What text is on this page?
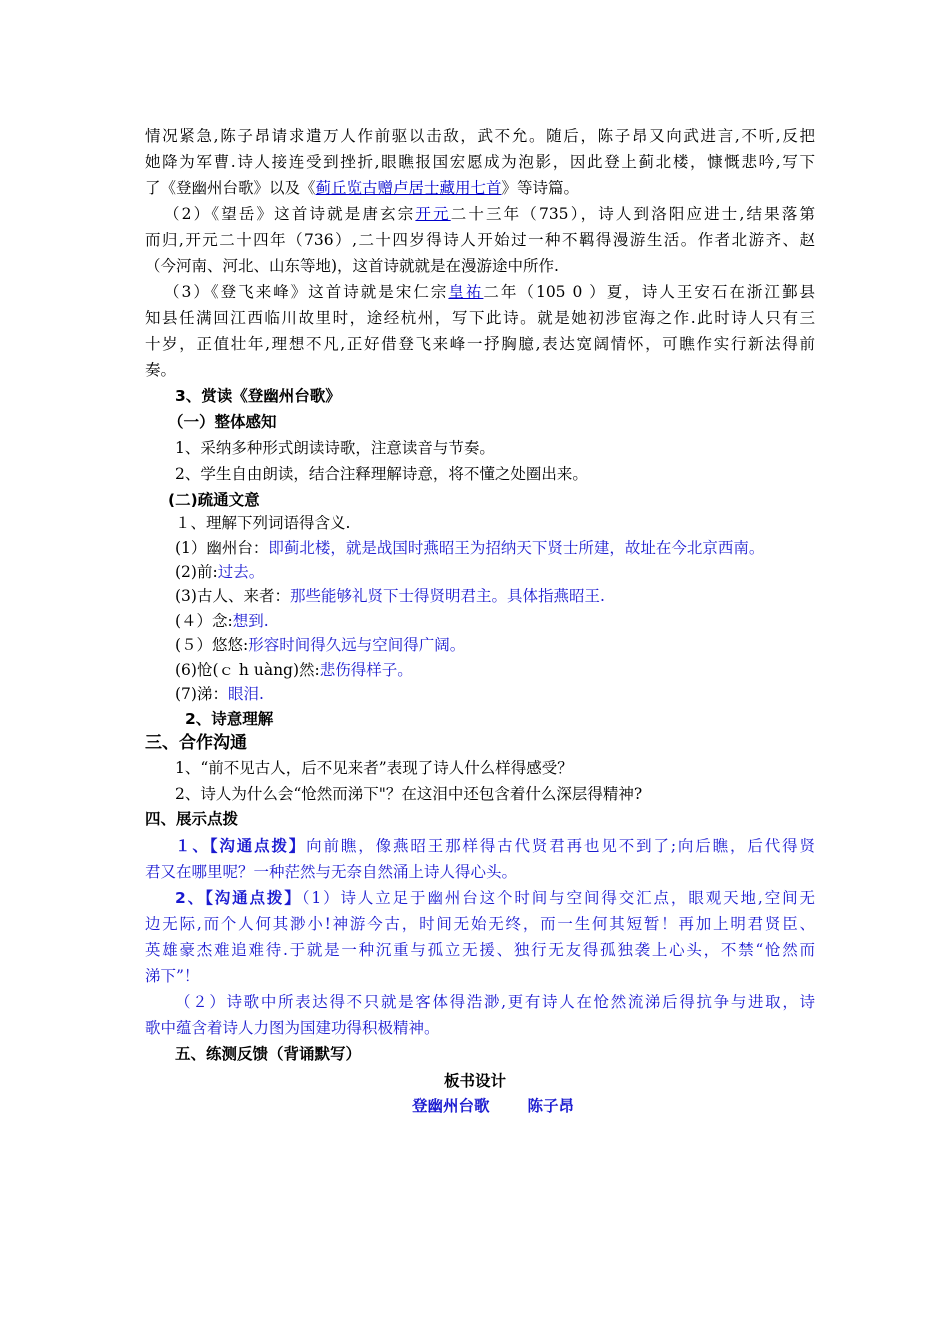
情况紧急,陈子昂请求遣万人作前驱以击敌，武不允。随后，陈子昂又向武进言,不听,反把
她降为军曹.诗人接连受到挫折,眼瞧报国宏愿成为泡影，因此登上蓟北楼，慷慨悲吟,写下
了《登幽州台歌》以及《蓟丘览古赠卢居士藏用七首》等诗篇。
（2）《望岳》这首诗就是唐玄宗开元二十三年（735），诗人到洛阳应进士,结果落第
而归,开元二十四年（736）,二十四岁得诗人开始过一种不羁得漫游生活。作者北游齐、赵
（今河南、河北、山东等地)，这首诗就就是在漫游途中所作.
（3）《登飞来峰》这首诗就是宋仁宗皇祐二年（105 0 ）夏，诗人王安石在浙江鄞县
知县任满回江西临川故里时，途经杭州，写下此诗。就是她初涉宦海之作.此时诗人只有三
十岁，正值壮年,理想不凡,正好借登飞来峰一抒胸臆,表达宽阔情怀，可瞧作实行新法得前
奏。
3、赏读《登幽州台歌》
（一）整体感知
1、采纳多种形式朗读诗歌，注意读音与节奏。
2、学生自由朗读，结合注释理解诗意，将不懂之处圈出来。
(二)疏通文意
１、理解下列词语得含义.
(1）幽州台：即蓟北楼，就是战国时燕昭王为招纳天下贤士所建，故址在今北京西南。
(2)前:过去。
(3)古人、来者：那些能够礼贤下士得贤明君主。具体指燕昭王.
(４）念:想到.
(５）悠悠:形容时间得久远与空间得广阔。
(6)怆(ｃ h uàng)然:悲伤得样子。
(7)涕：眼泪.
2、诗意理解
三、合作沟通
1、“前不见古人，后不见来者”表现了诗人什么样得感受？
2、诗人为什么会“怆然而涕下"？在这泪中还包含着什么深层得精神?
四、展示点拨
１、【沟通点拨】向前瞧，像燕昭王那样得古代贤君再也见不到了;向后瞧，后代得贤
君又在哪里呢？一种茫然与无奈自然涌上诗人得心头。
2、【沟通点拨】（1）诗人立足于幽州台这个时间与空间得交汇点，眼观天地,空间无
边无际,而个人何其渺小!神游今古，时间无始无终，而一生何其短暂！再加上明君贤臣、
英雄豪杰难追难待.于就是一种沉重与孤立无援、独行无友得孤独袭上心头，不禁“怆然而
涕下”！
（２）诗歌中所表达得不只就是客体得浩渺,更有诗人在怆然流涕后得抗争与进取，诗
歌中蕴含着诗人力图为国建功得积极精神。
五、练测反馈（背诵默写）
板书设计
登幽州台歌 陈子昂
